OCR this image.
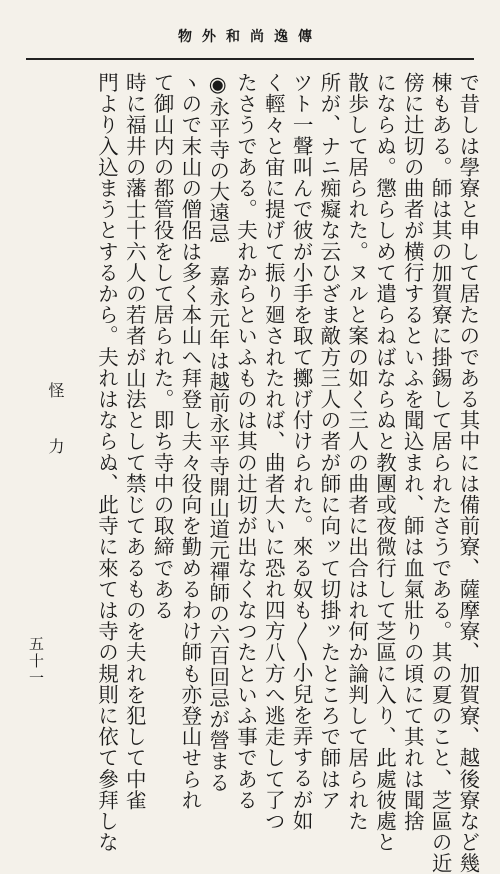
物外和尚逸傳
で昔しは學寮と申して居たのである其中には備前寮、薩摩寮、加賀寮、越後寮など幾
棟もある。師は其の加賀寮に掛錫して居られたさうである。其の夏のこと、芝區の近
傍に辻切の曲者が横行するといふを聞込まれ、師は血氣壯りの頃にて其れは聞捨
にならぬ。懲らしめて遣らねばならぬと教團或夜微行して芝區に入り、此處彼處と
散歩して居られた。ヌルと案の如く三人の曲者に出合はれ何か論判して居られた
所が、ナニ痴癡な云ひざま敵方三人の者が師に向ッて切掛ッたところで師はア
ツト一聲叫んで彼が小手を取て擲げ付けられた。來る奴も〳〵小兒を弄するが如
く輕々と宙に提げて振り廻されたれば、曲者大いに恐れ四方八方へ逃走して了つ
たさうである。夫れからといふものは其の辻切が出なくなつたといふ事である
◉永平寺の大遠忌　嘉永元年は越前永平寺開山道元禪師の六百回忌が營まる
ヽので末山の僧侶は多く本山へ拜登し夫々役向を勤めるわけ師も亦登山せられ
て御山内の都管役をして居られた。即ち寺中の取締である
時に福井の藩士十六人の若者が山法として禁じてあるものを夫れを犯して中雀
門より入込まうとするから。夫れはならぬ、此寺に來ては寺の規則に依て參拜しな
怪力
五十一
